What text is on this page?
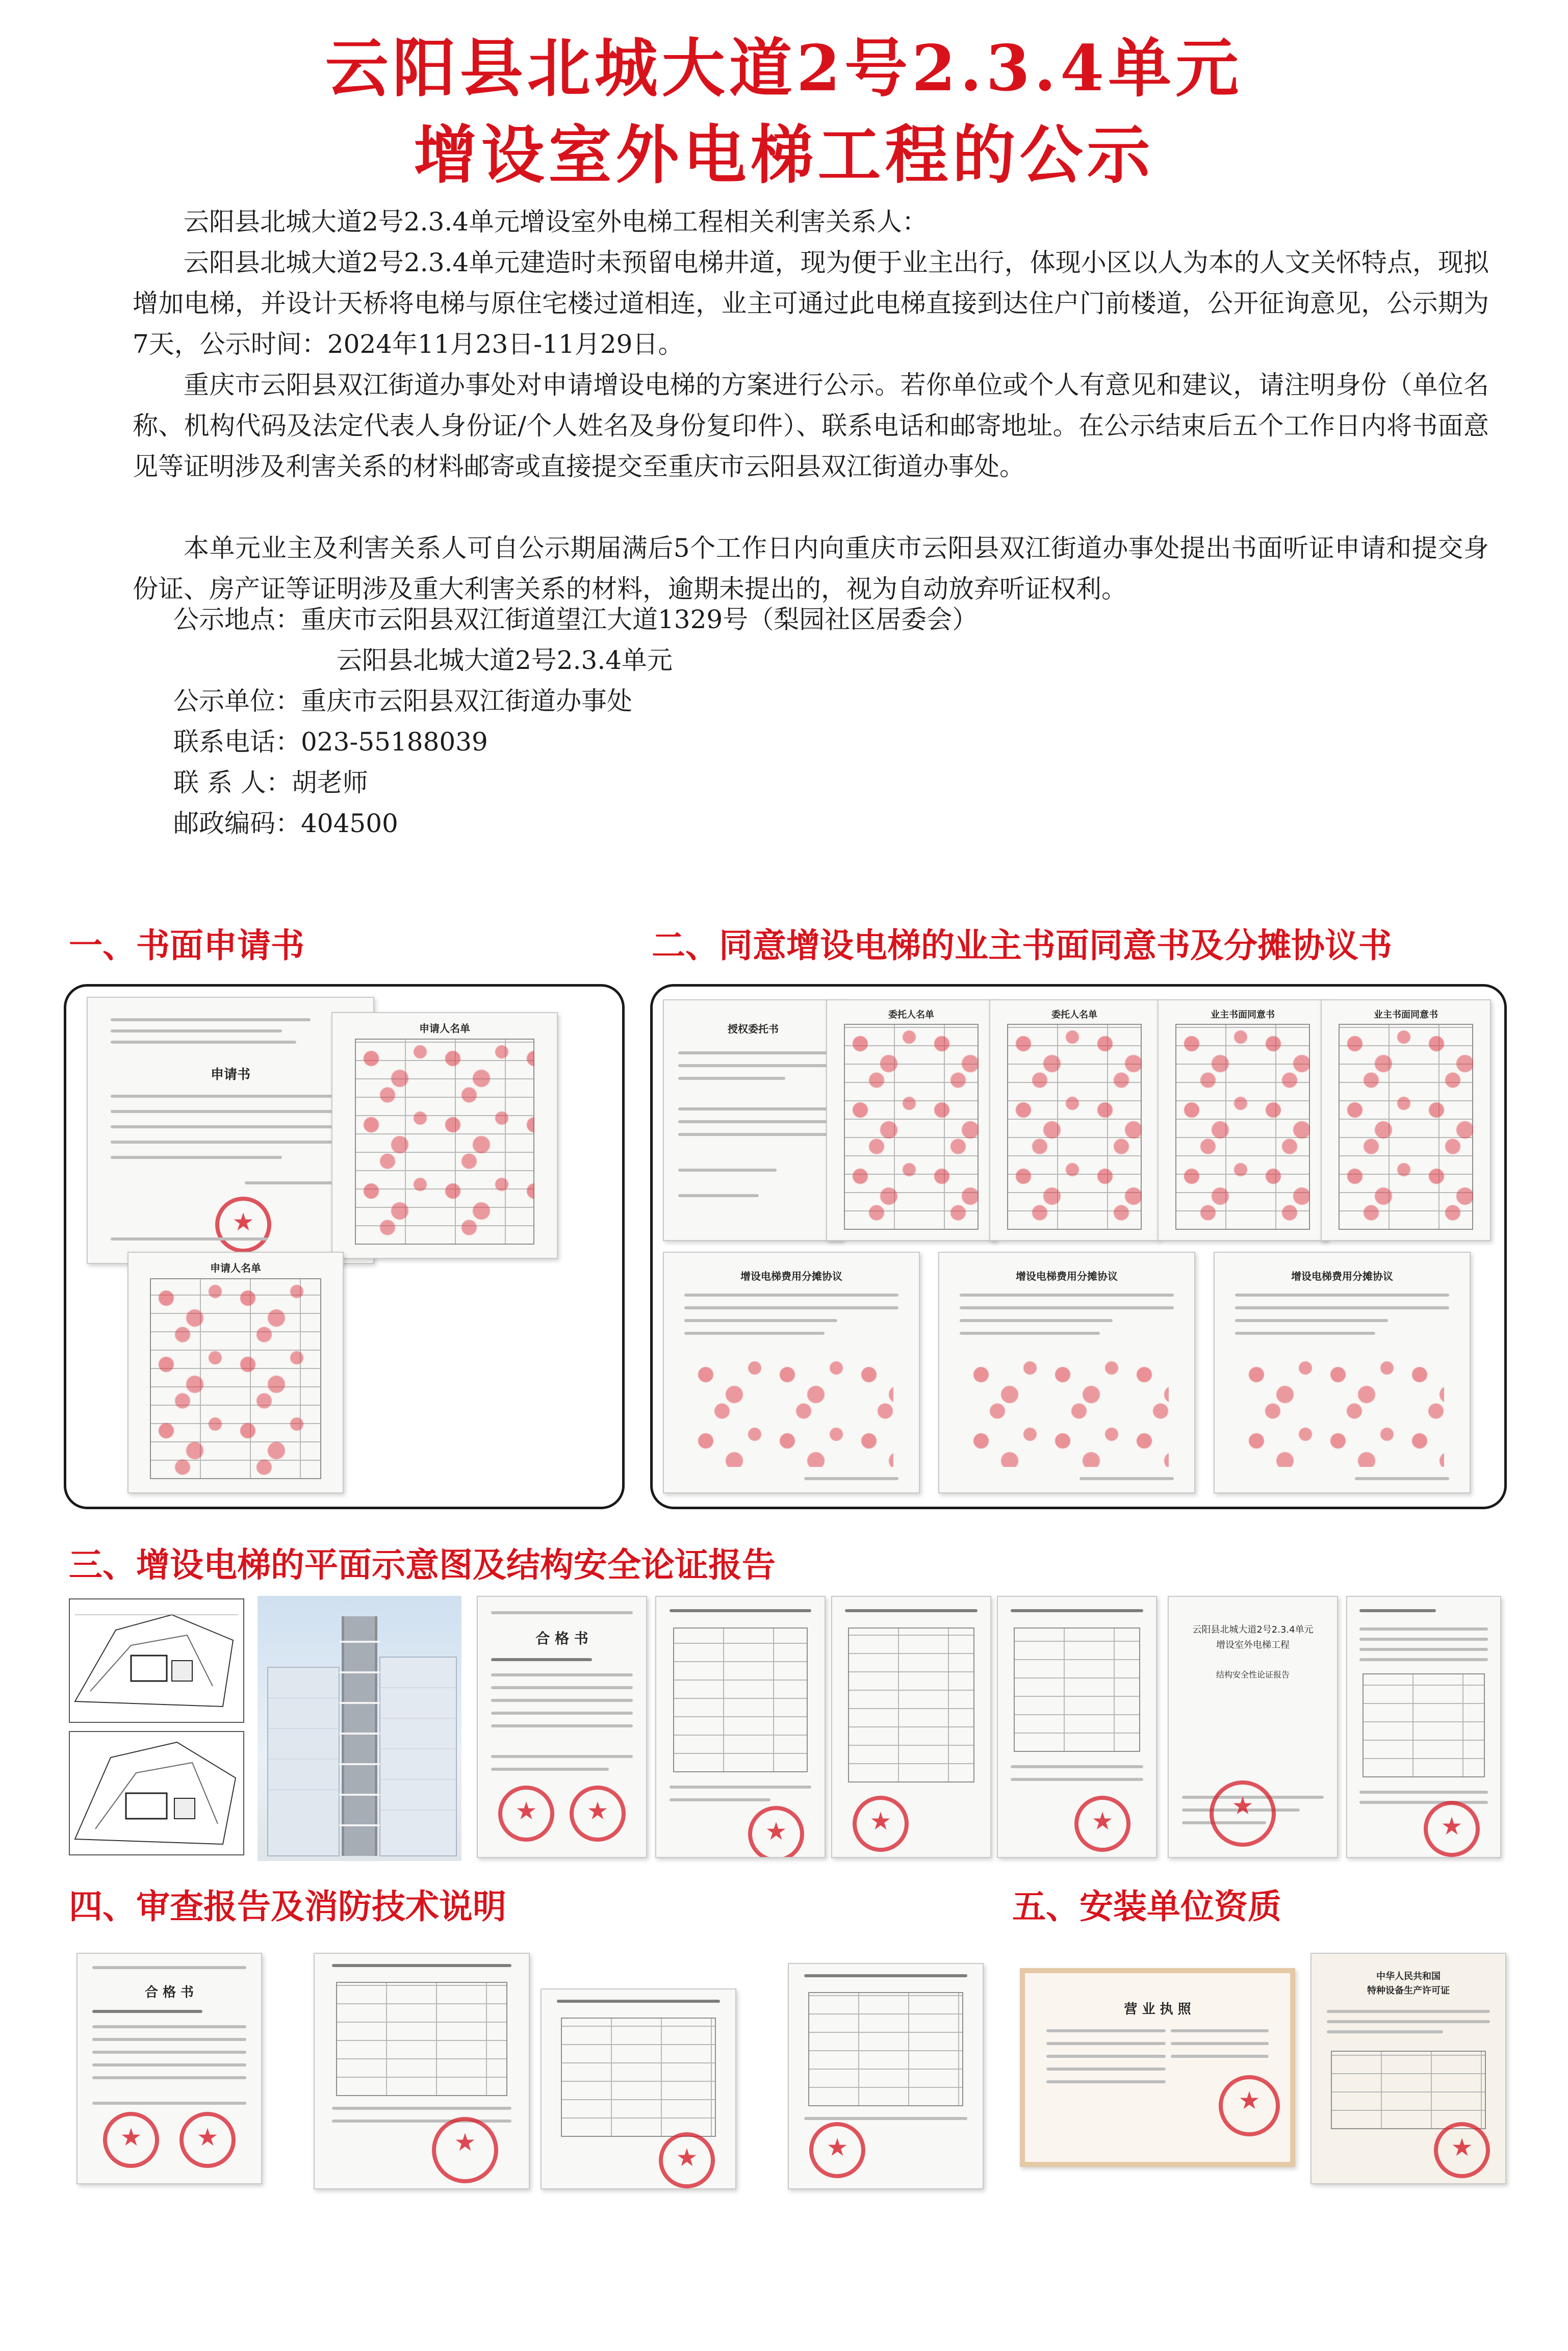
云阳县北城大道2号2.3.4单元
增设室外电梯工程的公示
云阳县北城大道2号2.3.4单元增设室外电梯工程相关利害关系人：
云阳县北城大道2号2.3.4单元建造时未预留电梯井道，现为便于业主出行，体现小区以人为本的人文关怀特点，现拟增加电梯，并设计天桥将电梯与原住宅楼过道相连，业主可通过此电梯直接到达住户门前楼道，公开征询意见，公示期为7天，公示时间：2024年11月23日-11月29日。
重庆市云阳县双江街道办事处对申请增设电梯的方案进行公示。若你单位或个人有意见和建议，请注明身份（单位名称、机构代码及法定代表人身份证/个人姓名及身份复印件）、联系电话和邮寄地址。在公示结束后五个工作日内将书面意见等证明涉及利害关系的材料邮寄或直接提交至重庆市云阳县双江街道办事处。
本单元业主及利害关系人可自公示期届满后5个工作日内向重庆市云阳县双江街道办事处提出书面听证申请和提交身份证、房产证等证明涉及重大利害关系的材料，逾期未提出的，视为自动放弃听证权利。
公示地点：重庆市云阳县双江街道望江大道1329号（梨园社区居委会）
云阳县北城大道2号2.3.4单元
公示单位：重庆市云阳县双江街道办事处
联系电话：023-55188039
联 系 人：胡老师
邮政编码：404500
一、书面申请书
申请书
★
申请人名单
申请人名单
二、同意增设电梯的业主书面同意书及分摊协议书
授权委托书
委托人名单	委托人名单	业主书面同意书	业主书面同意书
增设电梯费用分摊协议	增设电梯费用分摊协议	增设电梯费用分摊协议
三、增设电梯的平面示意图及结构安全论证报告
合 格 书
★
★
★
★
★
云阳县北城大道2号2.3.4单元
增设室外电梯工程
结构安全性论证报告
★
★
四、审查报告及消防技术说明
合 格 书
★
★
★
★
★
五、安装单位资质
营 业 执 照
★
中华人民共和国
特种设备生产许可证
★
